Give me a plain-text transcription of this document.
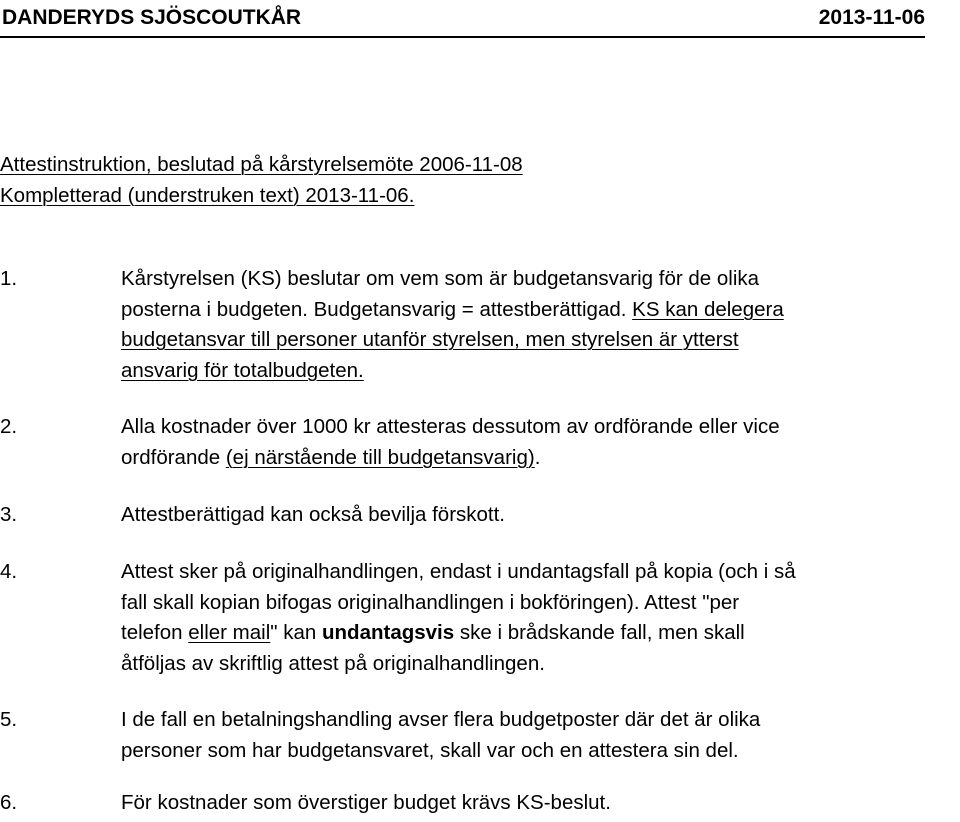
DANDERYDS SJÖSCOUTKÅR	2013-11-06
Attestinstruktion, beslutad på kårstyrelsemöte 2006-11-08
Kompletterad (understruken text) 2013-11-06.
1.	Kårstyrelsen (KS) beslutar om vem som är budgetansvarig för de olika
posterna i budgeten. Budgetansvarig = attestberättigad. KS kan delegera
budgetansvar till personer utanför styrelsen, men styrelsen är ytterst
ansvarig för totalbudgeten.
2.	Alla kostnader över 1000 kr attesteras dessutom av ordförande eller vice
ordförande (ej närstående till budgetansvarig).
3.	Attestberättigad kan också bevilja förskott.
4.	Attest sker på originalhandlingen, endast i undantagsfall på kopia (och i så
fall skall kopian bifogas originalhandlingen i bokföringen). Attest "per
telefon eller mail" kan undantagsvis ske i brådskande fall, men skall
åtföljas av skriftlig attest på originalhandlingen.
5.	I de fall en betalningshandling avser flera budgetposter där det är olika
personer som har budgetansvaret, skall var och en attestera sin del.
6.	För kostnader som överstiger budget krävs KS-beslut.
